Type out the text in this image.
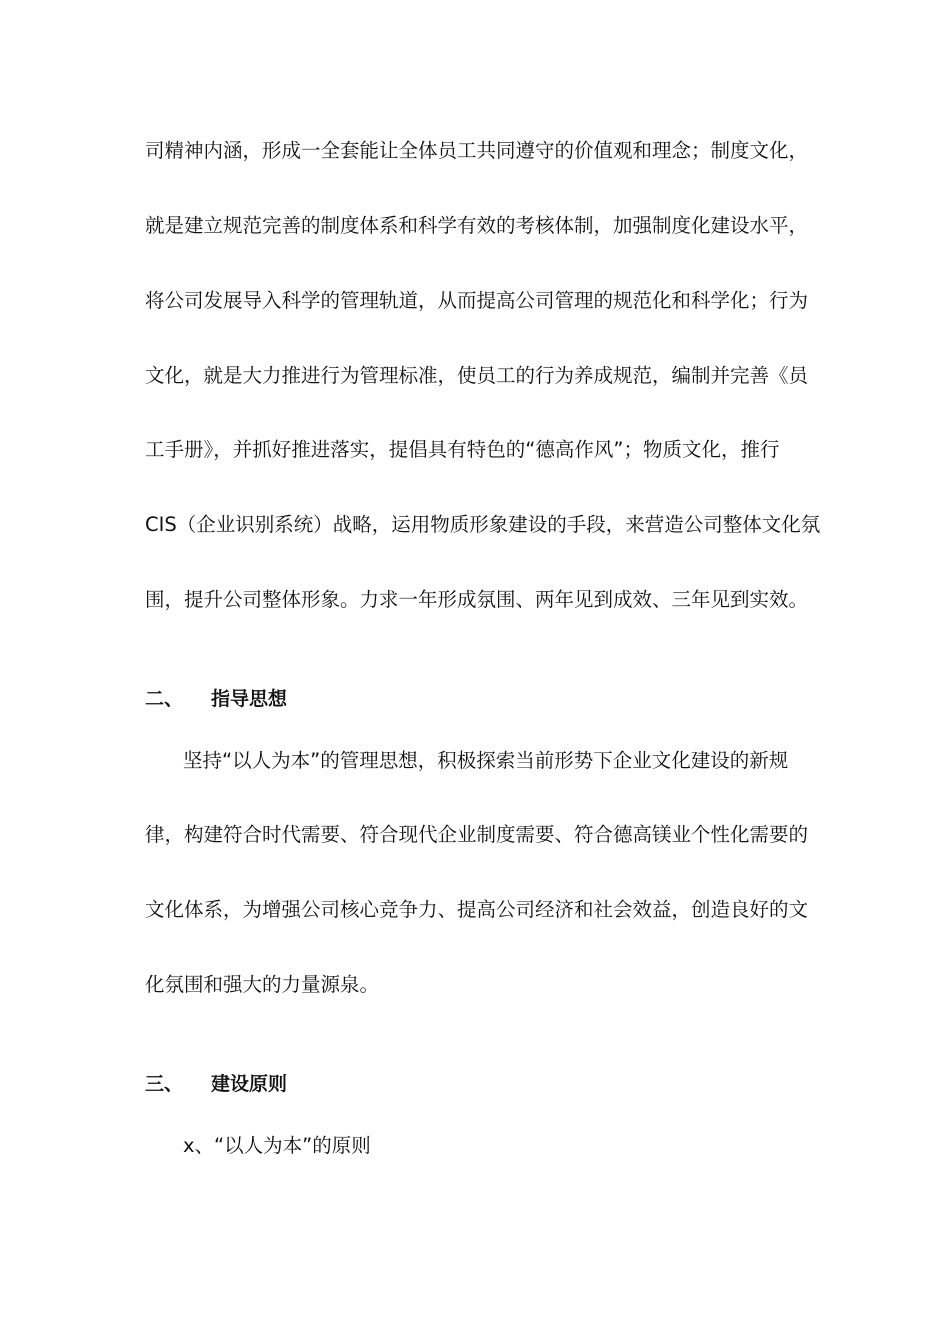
司精神内涵，形成一全套能让全体员工共同遵守的价值观和理念；制度文化，
就是建立规范完善的制度体系和科学有效的考核体制，加强制度化建设水平，
将公司发展导入科学的管理轨道，从而提高公司管理的规范化和科学化；行为
文化，就是大力推进行为管理标准，使员工的行为养成规范，编制并完善《员
工手册》，并抓好推进落实，提倡具有特色的“德高作风”；物质文化，推行
CIS（企业识别系统）战略，运用物质形象建设的手段，来营造公司整体文化氛
围，提升公司整体形象。力求一年形成氛围、两年见到成效、三年见到实效。
二、 指导思想
坚持“以人为本”的管理思想，积极探索当前形势下企业文化建设的新规
律，构建符合时代需要、符合现代企业制度需要、符合德高镁业个性化需要的
文化体系，为增强公司核心竞争力、提高公司经济和社会效益，创造良好的文
化氛围和强大的力量源泉。
三、 建设原则
x、“以人为本”的原则
